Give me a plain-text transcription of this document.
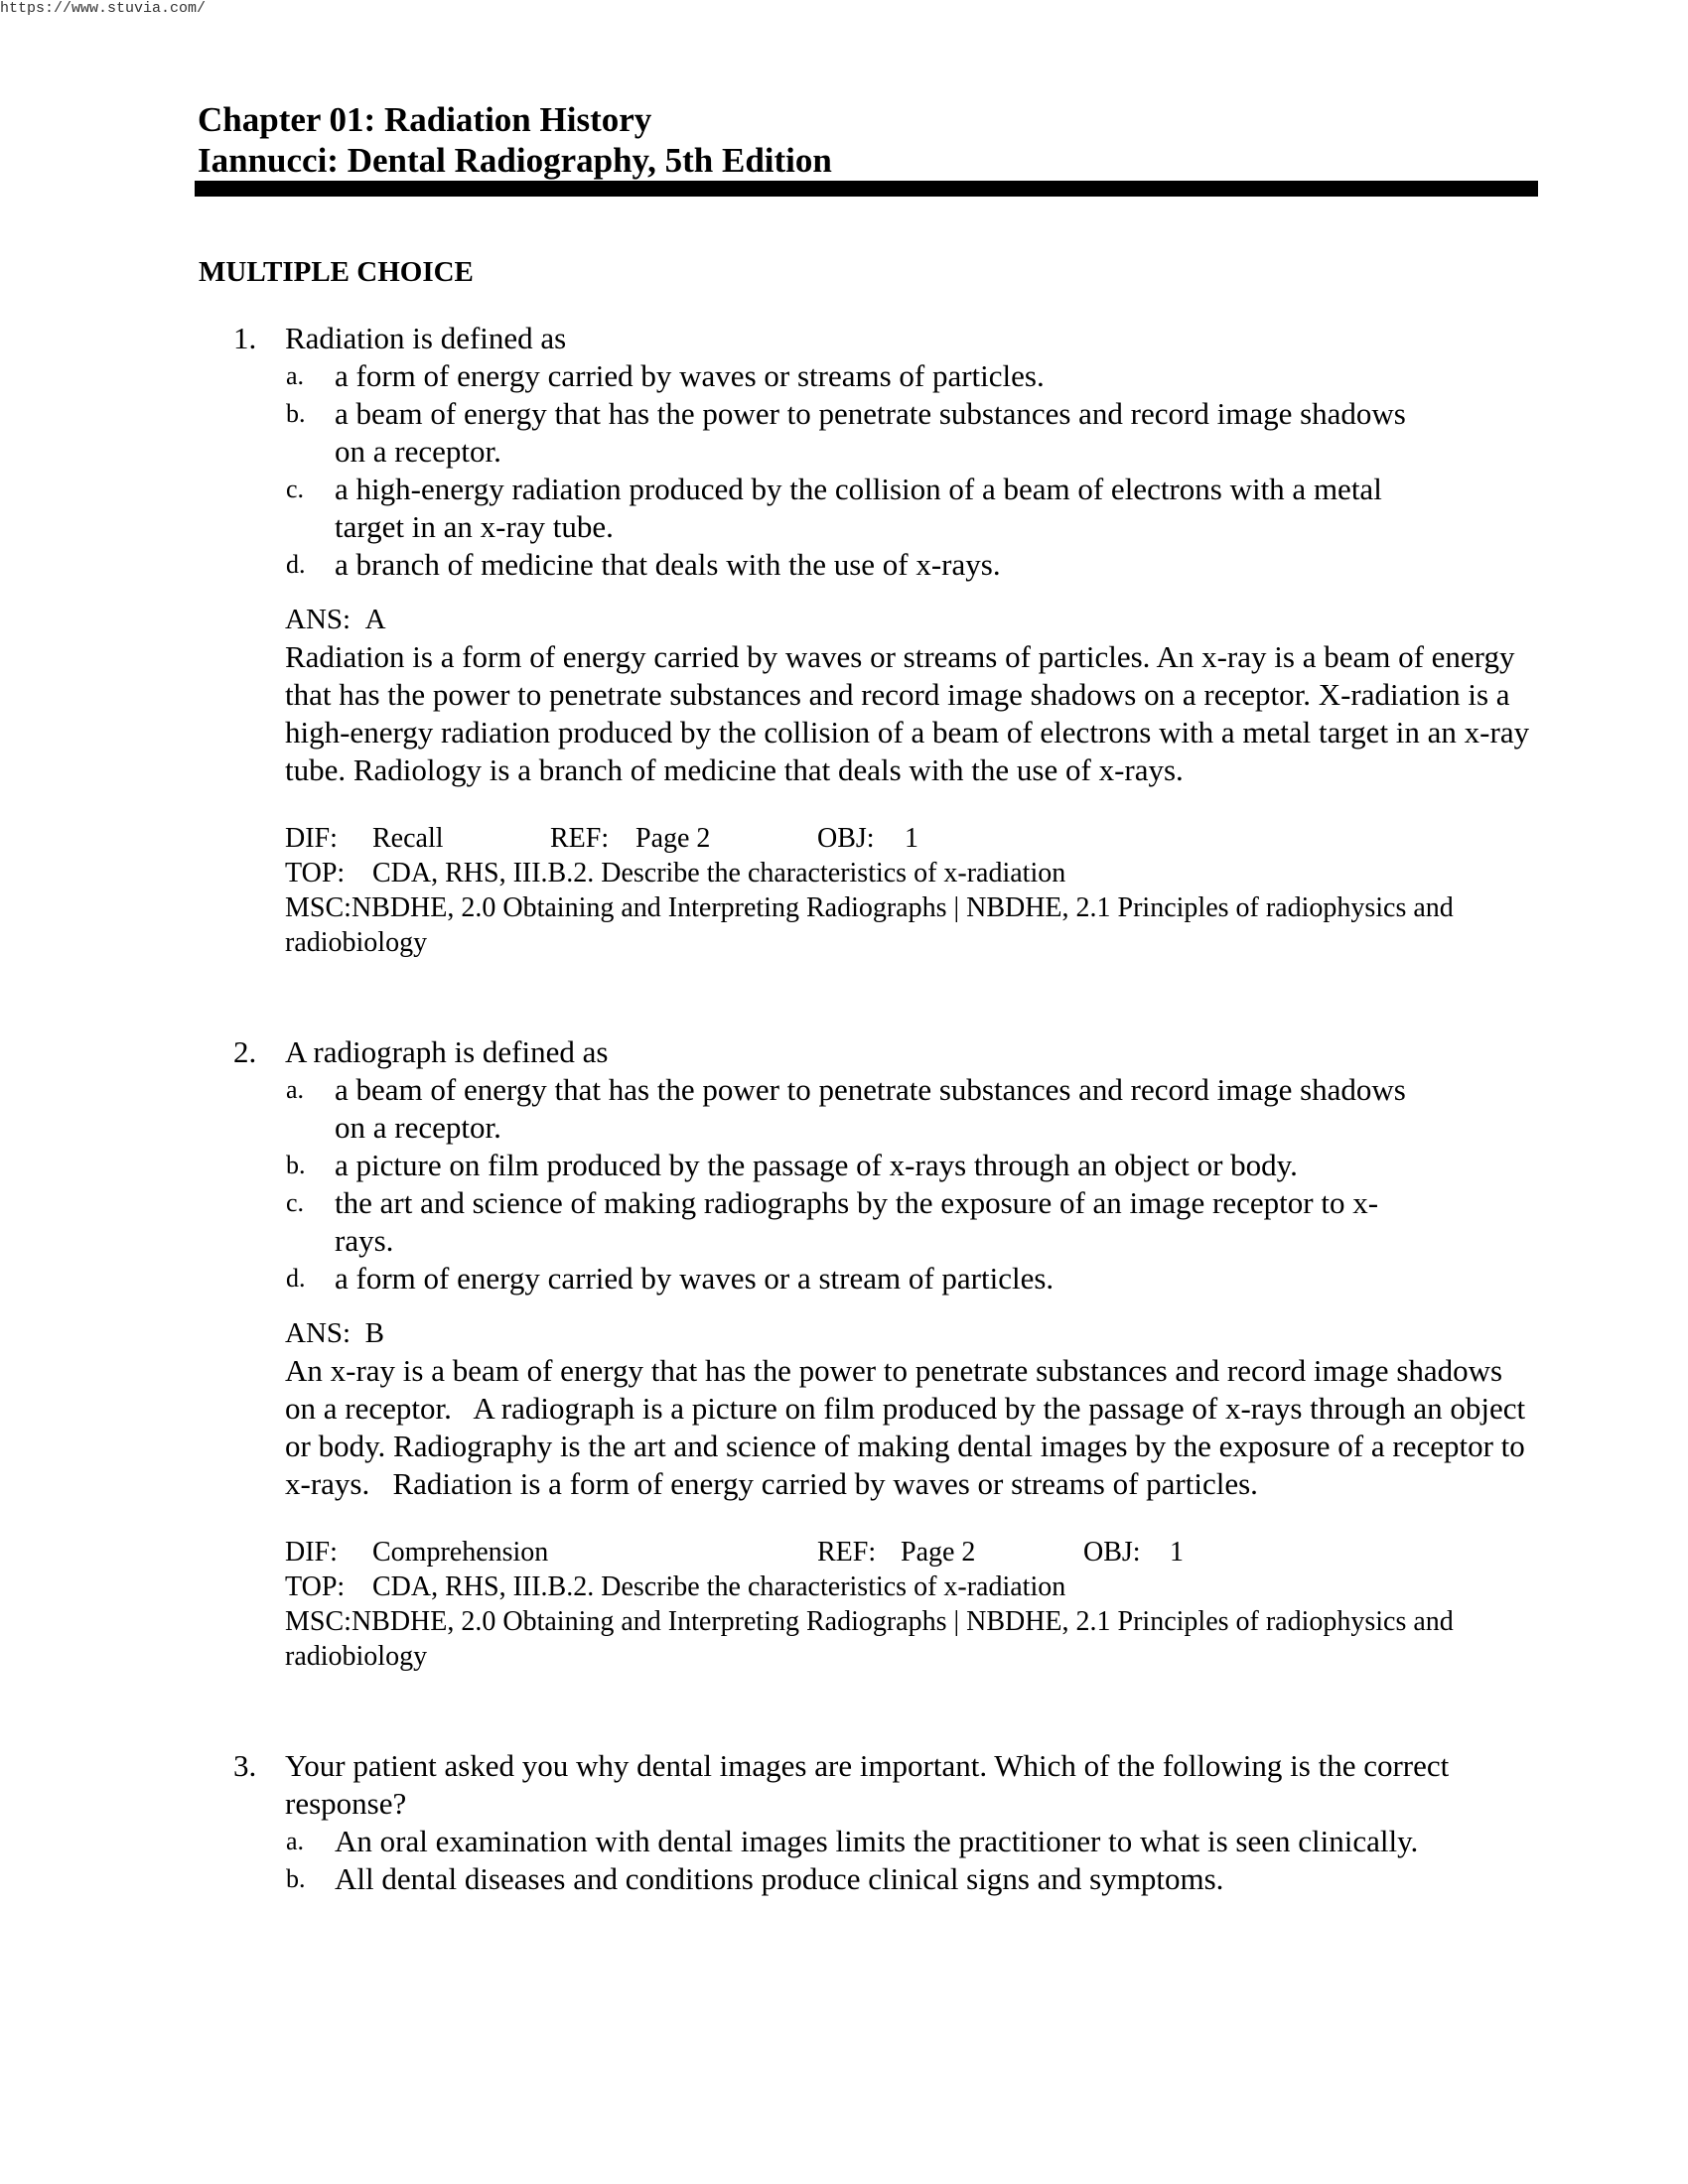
https://www.stuvia.com/
Chapter 01: Radiation History
Iannucci: Dental Radiography, 5th Edition
MULTIPLE CHOICE
1. Radiation is defined as
a. a form of energy carried by waves or streams of particles.
b. a beam of energy that has the power to penetrate substances and record image shadows on a receptor.
c. a high-energy radiation produced by the collision of a beam of electrons with a metal target in an x-ray tube.
d. a branch of medicine that deals with the use of x-rays.
ANS: A
Radiation is a form of energy carried by waves or streams of particles. An x-ray is a beam of energy that has the power to penetrate substances and record image shadows on a receptor. X-radiation is a high-energy radiation produced by the collision of a beam of electrons with a metal target in an x-ray tube. Radiology is a branch of medicine that deals with the use of x-rays.
DIF: Recall	REF: Page 2	OBJ: 1
TOP: CDA, RHS, III.B.2. Describe the characteristics of x-radiation
MSC:NBDHE, 2.0 Obtaining and Interpreting Radiographs | NBDHE, 2.1 Principles of radiophysics and radiobiology
2. A radiograph is defined as
a. a beam of energy that has the power to penetrate substances and record image shadows on a receptor.
b. a picture on film produced by the passage of x-rays through an object or body.
c. the art and science of making radiographs by the exposure of an image receptor to x-rays.
d. a form of energy carried by waves or a stream of particles.
ANS: B
An x-ray is a beam of energy that has the power to penetrate substances and record image shadows on a receptor.   A radiograph is a picture on film produced by the passage of x-rays through an object or body. Radiography is the art and science of making dental images by the exposure of a receptor to x-rays.   Radiation is a form of energy carried by waves or streams of particles.
DIF: Comprehension	REF: Page 2	OBJ: 1
TOP: CDA, RHS, III.B.2. Describe the characteristics of x-radiation
MSC:NBDHE, 2.0 Obtaining and Interpreting Radiographs | NBDHE, 2.1 Principles of radiophysics and radiobiology
3. Your patient asked you why dental images are important. Which of the following is the correct response?
a. An oral examination with dental images limits the practitioner to what is seen clinically.
b. All dental diseases and conditions produce clinical signs and symptoms.
